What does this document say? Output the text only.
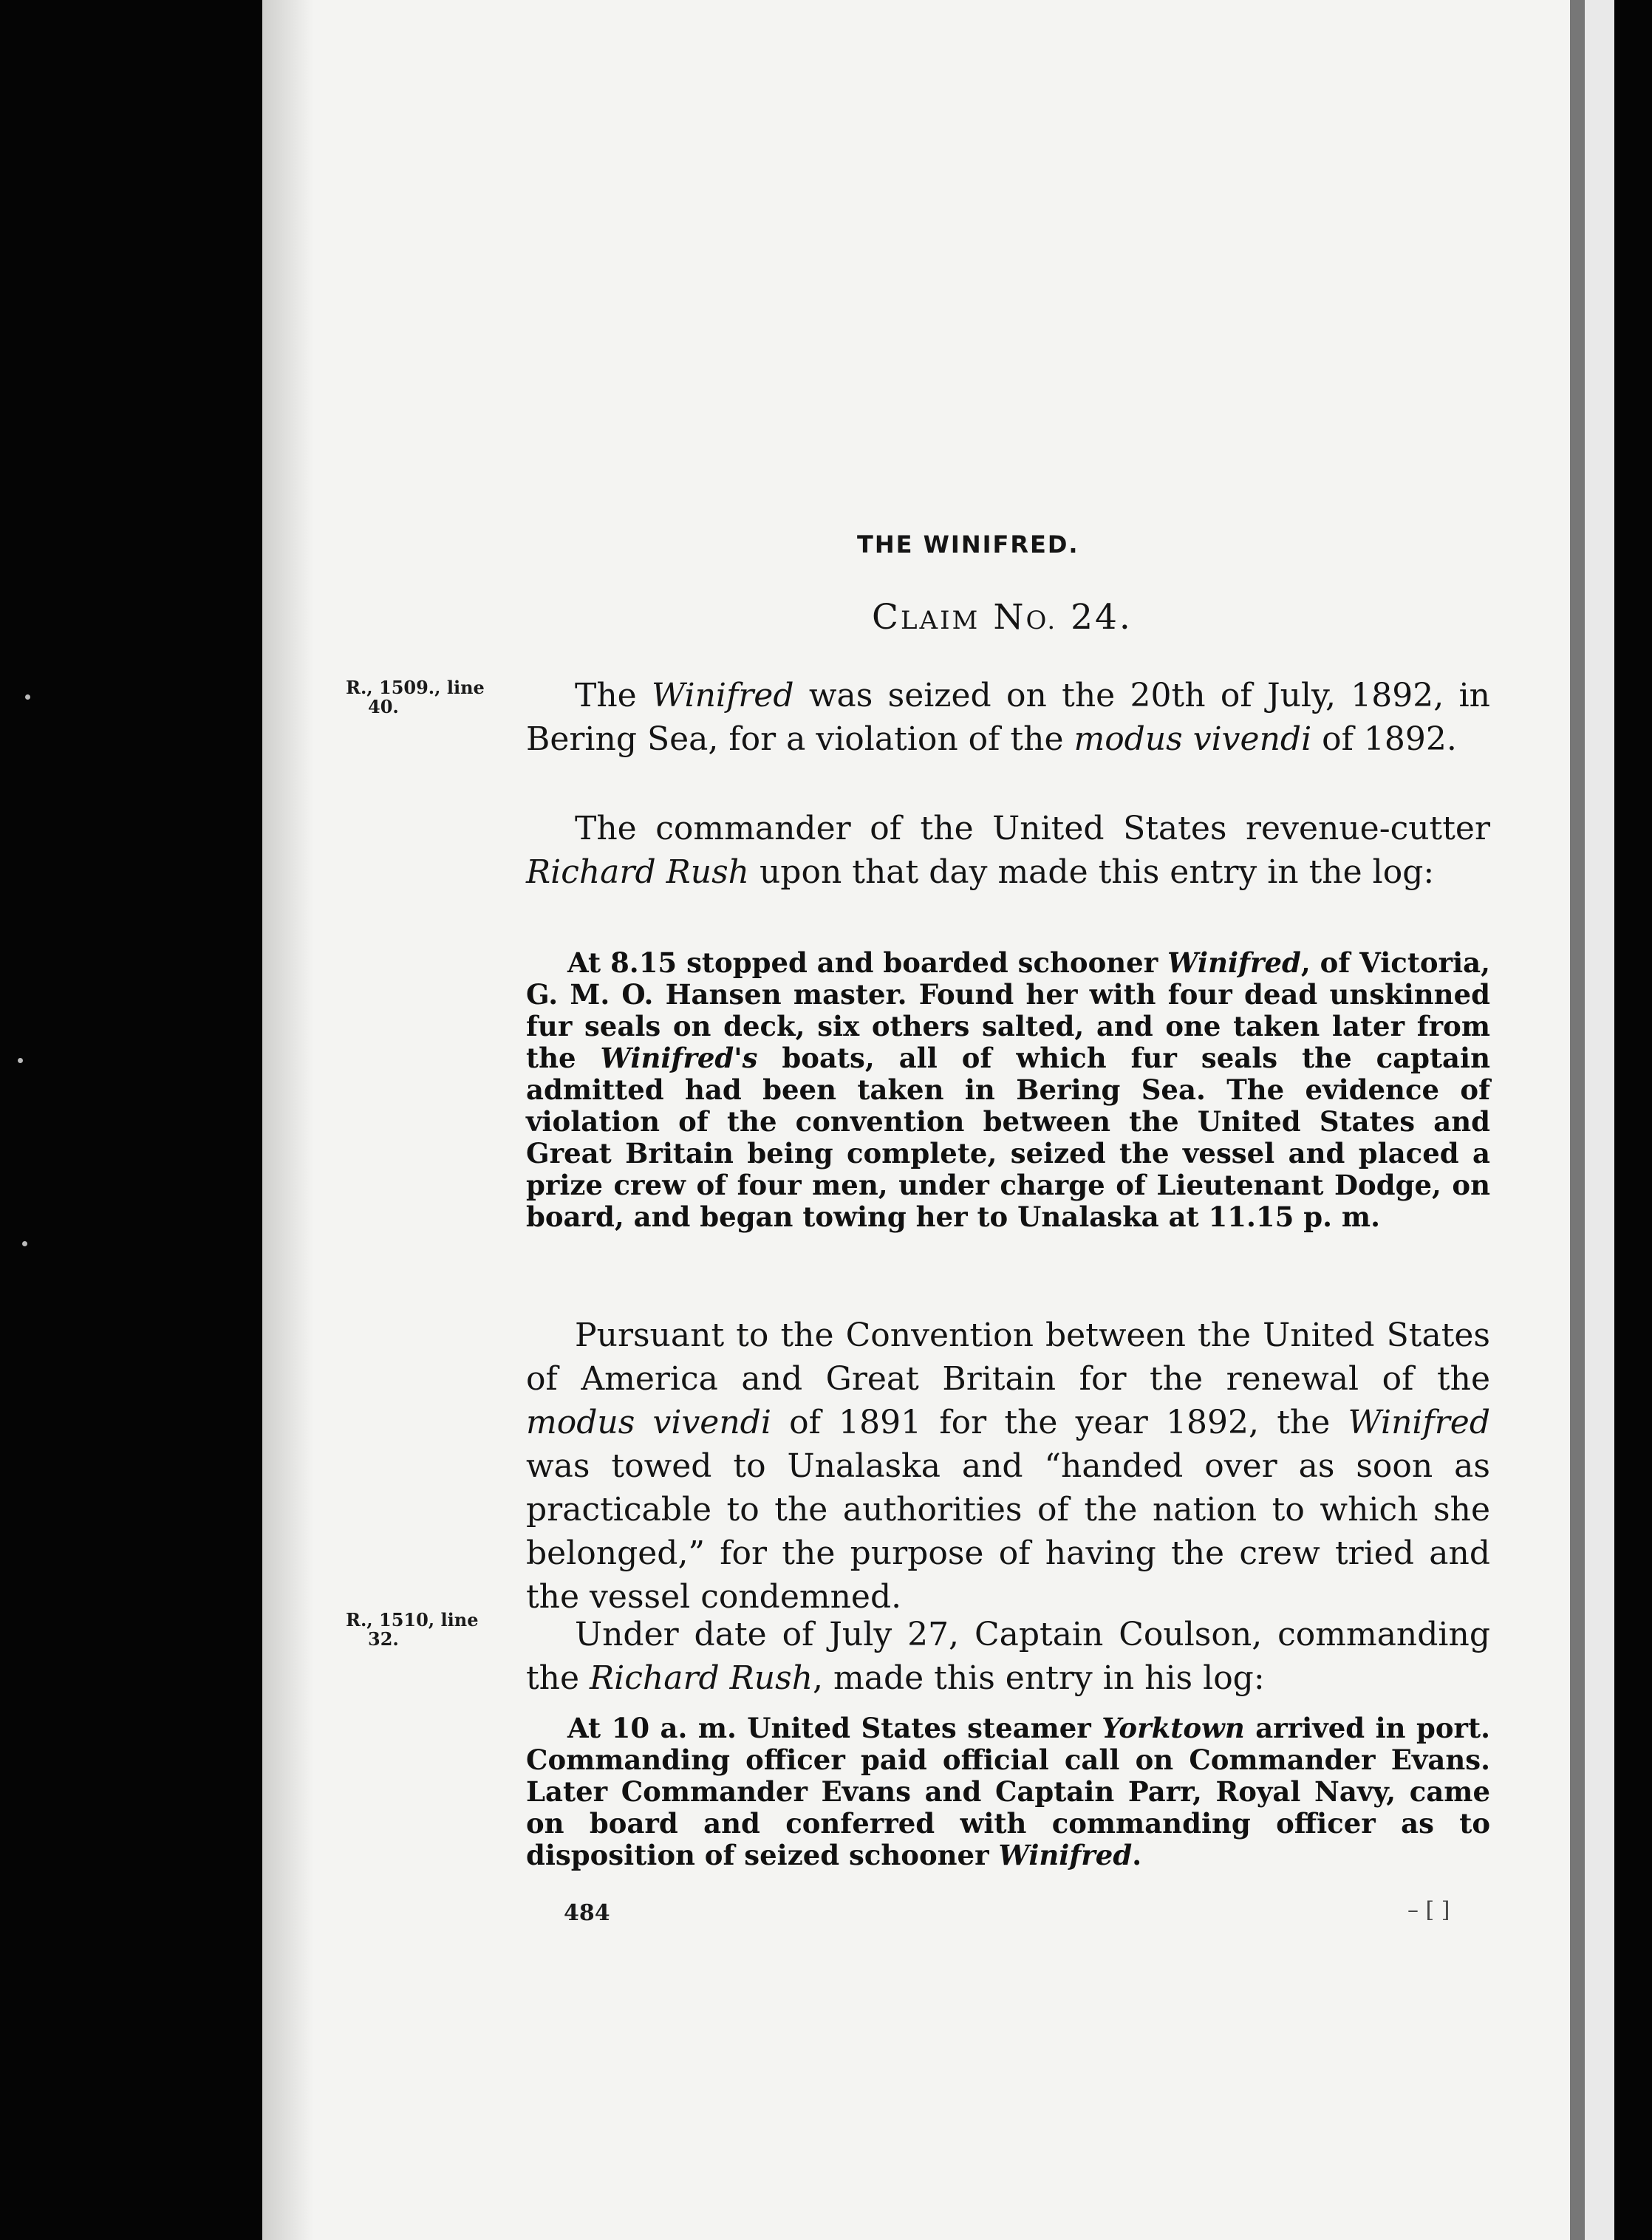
THE WINIFRED.
CLAIM NO. 24.
R., 1509., line
40.	The Winifred was seized on the 20th of July, 1892, in Bering Sea, for a violation of the modus vivendi of 1892.

The commander of the United States revenue-cutter Richard Rush upon that day made this entry in the log:

At 8.15 stopped and boarded schooner Winifred, of Victoria, G. M. O. Hansen master. Found her with four dead unskinned fur seals on deck, six others salted, and one taken later from the Winifred's boats, all of which fur seals the captain admitted had been taken in Bering Sea. The evidence of violation of the convention between the United States and Great Britain being complete, seized the vessel and placed a prize crew of four men, under charge of Lieutenant Dodge, on board, and began towing her to Unalaska at 11.15 p. m.

Pursuant to the Convention between the United States of America and Great Britain for the renewal of the modus vivendi of 1891 for the year 1892, the Winifred was towed to Unalaska and “handed over as soon as practicable to the authorities of the nation to which she belonged,” for the purpose of having the crew tried and the vessel condemned.

R., 1510, line
32.	Under date of July 27, Captain Coulson, commanding the Richard Rush, made this entry in his log:

At 10 a. m. United States steamer Yorktown arrived in port. Commanding officer paid official call on Commander Evans. Later Commander Evans and Captain Parr, Royal Navy, came on board and conferred with commanding officer as to disposition of seized schooner Winifred.

484	– [ ]
